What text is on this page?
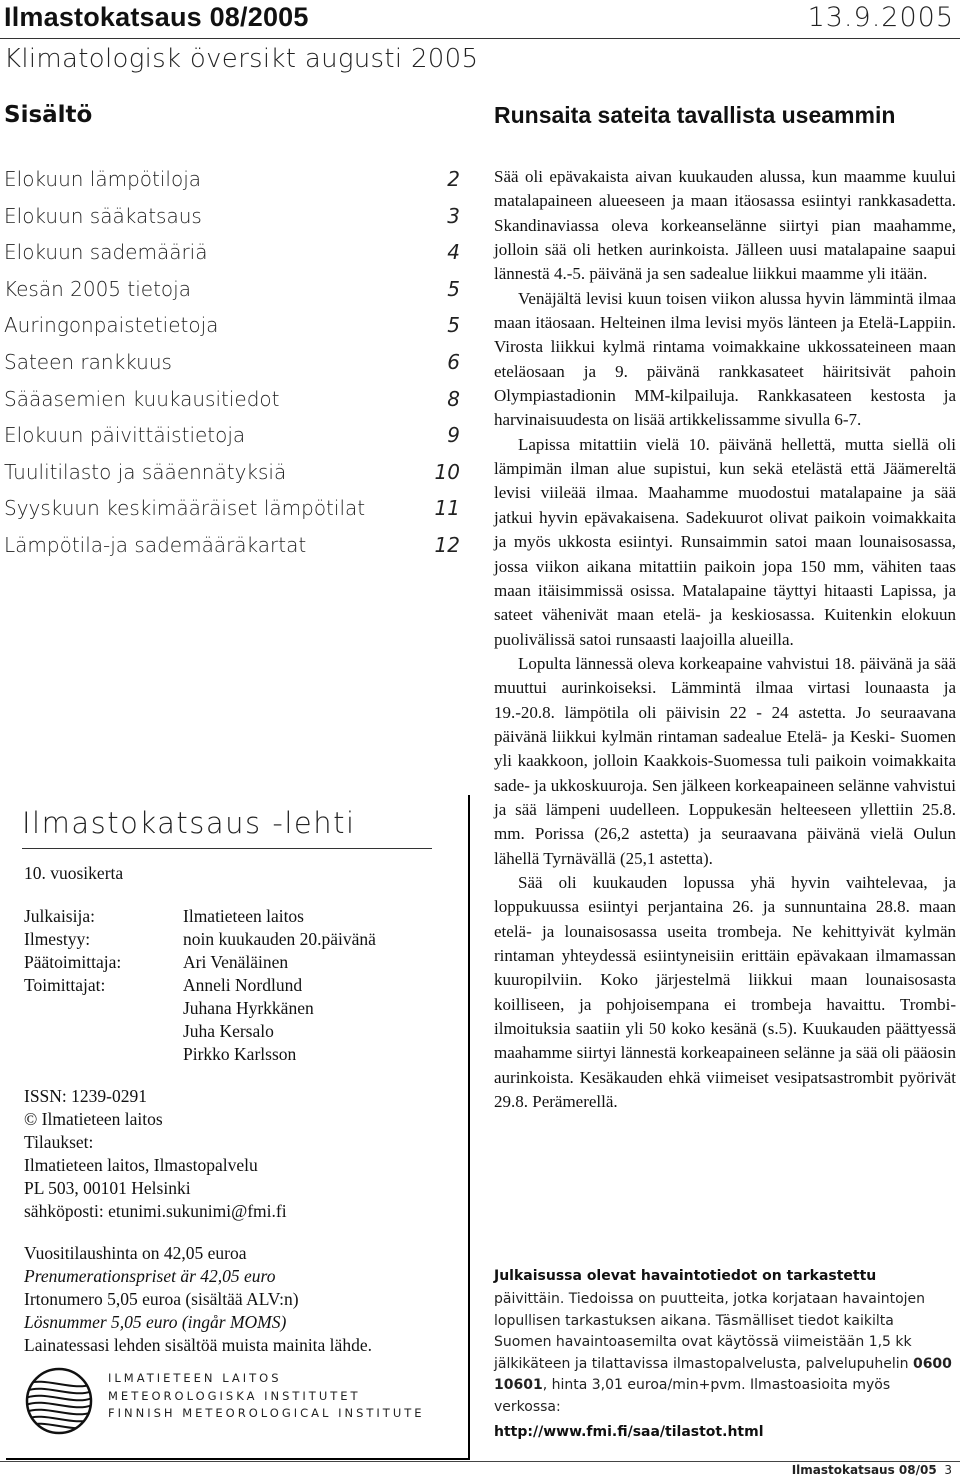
Ilmastokatsaus 08/2005	13.9.2005
Klimatologisk översikt augusti 2005
Sisältö	Runsaita sateita tavallista useammin
Elokuun lämpötiloja	2
Elokuun sääkatsaus	3
Elokuun sademääriä	4
Kesän 2005 tietoja	5
Auringonpaistetietoja	5
Sateen rankkuus	6
Sääasemien kuukausitiedot	8
Elokuun päivittäistietoja	9
Tuulitilasto ja sääennätyksiä	10
Syyskuun keskimääräiset lämpötilat	11
Lämpötila-ja sademääräkartat	12
Ilmastokatsaus -lehti
10. vuosikerta
Julkaisija:	Ilmatieteen laitos
Ilmestyy:	noin kuukauden 20.päivänä
Päätoimittaja:	Ari Venäläinen
Toimittajat:	Anneli Nordlund
Juhana Hyrkkänen
Juha Kersalo
Pirkko Karlsson
ISSN: 1239-0291
© Ilmatieteen laitos
Tilaukset:
Ilmatieteen laitos, Ilmastopalvelu
PL 503, 00101 Helsinki
sähköposti: etunimi.sukunimi@fmi.fi
Vuositilaushinta on 42,05 euroa
Prenumerationspriset är 42,05 euro
Irtonumero 5,05 euroa (sisältää ALV:n)
Lösnummer 5,05 euro (ingår MOMS)
Lainatessasi lehden sisältöä muista mainita lähde.
ILMATIETEEN LAITOS
METEOROLOGISKA INSTITUTET
FINNISH METEOROLOGICAL INSTITUTE

Sää oli epävakaista aivan kuukauden alussa, kun maamme kuului matalapaineen alueeseen ja maan itäosassa esiintyi rankkasadetta. Skandinaviassa oleva korkeanselänne siirtyi pian maahamme, jolloin sää oli hetken aurinkoista. Jälleen uusi matalapaine saapui lännestä 4.-5. päivänä ja sen sadealue liikkui maamme yli itään.

Venäjältä levisi kuun toisen viikon alussa hyvin lämmintä ilmaa maan itäosaan. Helteinen ilma levisi myös länteen ja Etelä-Lappiin. Virosta liikkui kylmä rintama voimakkaine ukkossateineen maan eteläosaan ja 9. päivänä rankkasateet häiritsivät pahoin Olympiastadionin MM-kilpailuja. Rankkasateen kestosta ja harvinaisuudesta on lisää artikkelissamme sivulla 6-7.

Lapissa mitattiin vielä 10. päivänä hellettä, mutta siellä oli lämpimän ilman alue supistui, kun sekä etelästä että Jäämereltä levisi viileää ilmaa. Maahamme muodostui matalapaine ja sää jatkui hyvin epävakaisena. Sadekuurot olivat paikoin voimakkaita ja myös ukkosta esiintyi. Runsaimmin satoi maan lounaisosassa, jossa viikon aikana mitattiin paikoin jopa 150 mm, vähiten taas maan itäisimmissä osissa. Matalapaine täyttyi hitaasti Lapissa, ja sateet vähenivät maan etelä- ja keskiosassa. Kuitenkin elokuun puolivälissä satoi runsaasti laajoilla alueilla.

Lopulta lännessä oleva korkeapaine vahvistui 18. päivänä ja sää muuttui aurinkoiseksi. Lämmintä ilmaa virtasi lounaasta ja 19.-20.8. lämpötila oli päivisin 22 - 24 astetta. Jo seuraavana päivänä liikkui kylmän rintaman sadealue Etelä- ja Keski- Suomen yli kaakkoon, jolloin Kaakkois-Suomessa tuli paikoin voimakkaita sade- ja ukkoskuuroja. Sen jälkeen korkeapaineen selänne vahvistui ja sää lämpeni uudelleen. Loppukesän helteeseen yllettiin 25.8. mm. Porissa (26,2 astetta) ja seuraavana päivänä vielä Oulun lähellä Tyrnävällä (25,1 astetta).

Sää oli kuukauden lopussa yhä hyvin vaihtelevaa, ja loppukuussa esiintyi perjantaina 26. ja sunnuntaina 28.8. maan etelä- ja lounaisosassa useita trombeja. Ne kehittyivät kylmän rintaman yhteydessä esiintyneisiin erittäin epävakaan ilmamassan kuuropilviin. Koko järjestelmä liikkui maan lounaisosasta koilliseen, ja pohjoisempana ei trombeja havaittu. Trombi-ilmoituksia saatiin yli 50 koko kesänä (s.5). Kuukauden päättyessä maahamme siirtyi lännestä korkeapaineen selänne ja sää oli pääosin aurinkoista. Kesäkauden ehkä viimeiset vesipatsastrombit pyörivät 29.8. Perämerellä.

Julkaisussa olevat havaintotiedot on tarkastettu
päivittäin. Tiedoissa on puutteita, jotka korjataan havaintojen lopullisen tarkastuksen aikana. Täsmälliset tiedot kaikilta Suomen havaintoasemilta ovat käytössä viimeistään 1,5 kk jälkikäteen ja tilattavissa ilmastopalvelusta, palvelupuhelin 0600 10601, hinta 3,01 euroa/min+pvm. Ilmastoasioita myös verkossa:
http://www.fmi.fi/saa/tilastot.html
Ilmastokatsaus 08/05 3
